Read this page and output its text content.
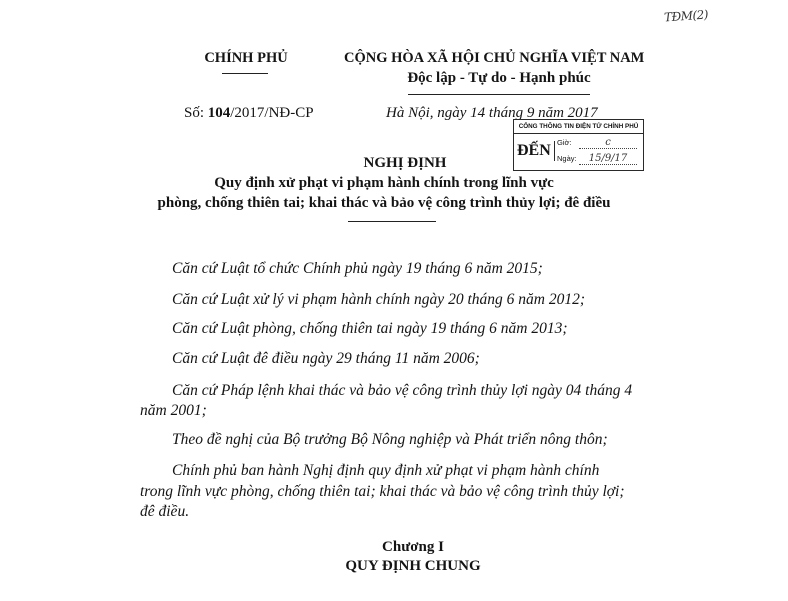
TĐM(2)
CHÍNH PHỦ	CỘNG HÒA XÃ HỘI CHỦ NGHĨA VIỆT NAM
Độc lập - Tự do - Hạnh phúc
Số: 104/2017/NĐ-CP	Hà Nội, ngày 14 tháng 9 năm 2017
CỔNG THÔNG TIN ĐIỆN TỬ CHÍNH PHỦ
ĐẾN Giờ:	c
Ngày: 15/9/17
NGHỊ ĐỊNH
Quy định xử phạt vi phạm hành chính trong lĩnh vực
phòng, chống thiên tai; khai thác và bảo vệ công trình thủy lợi; đê điều
Căn cứ Luật tổ chức Chính phủ ngày 19 tháng 6 năm 2015;
Căn cứ Luật xử lý vi phạm hành chính ngày 20 tháng 6 năm 2012;
Căn cứ Luật phòng, chống thiên tai ngày 19 tháng 6 năm 2013;
Căn cứ Luật đê điều ngày 29 tháng 11 năm 2006;
Căn cứ Pháp lệnh khai thác và bảo vệ công trình thủy lợi ngày 04 tháng 4
năm 2001;
Theo đề nghị của Bộ trưởng Bộ Nông nghiệp và Phát triển nông thôn;
Chính phủ ban hành Nghị định quy định xử phạt vi phạm hành chính
trong lĩnh vực phòng, chống thiên tai; khai thác và bảo vệ công trình thủy lợi;
đê điều.
Chương I
QUY ĐỊNH CHUNG
